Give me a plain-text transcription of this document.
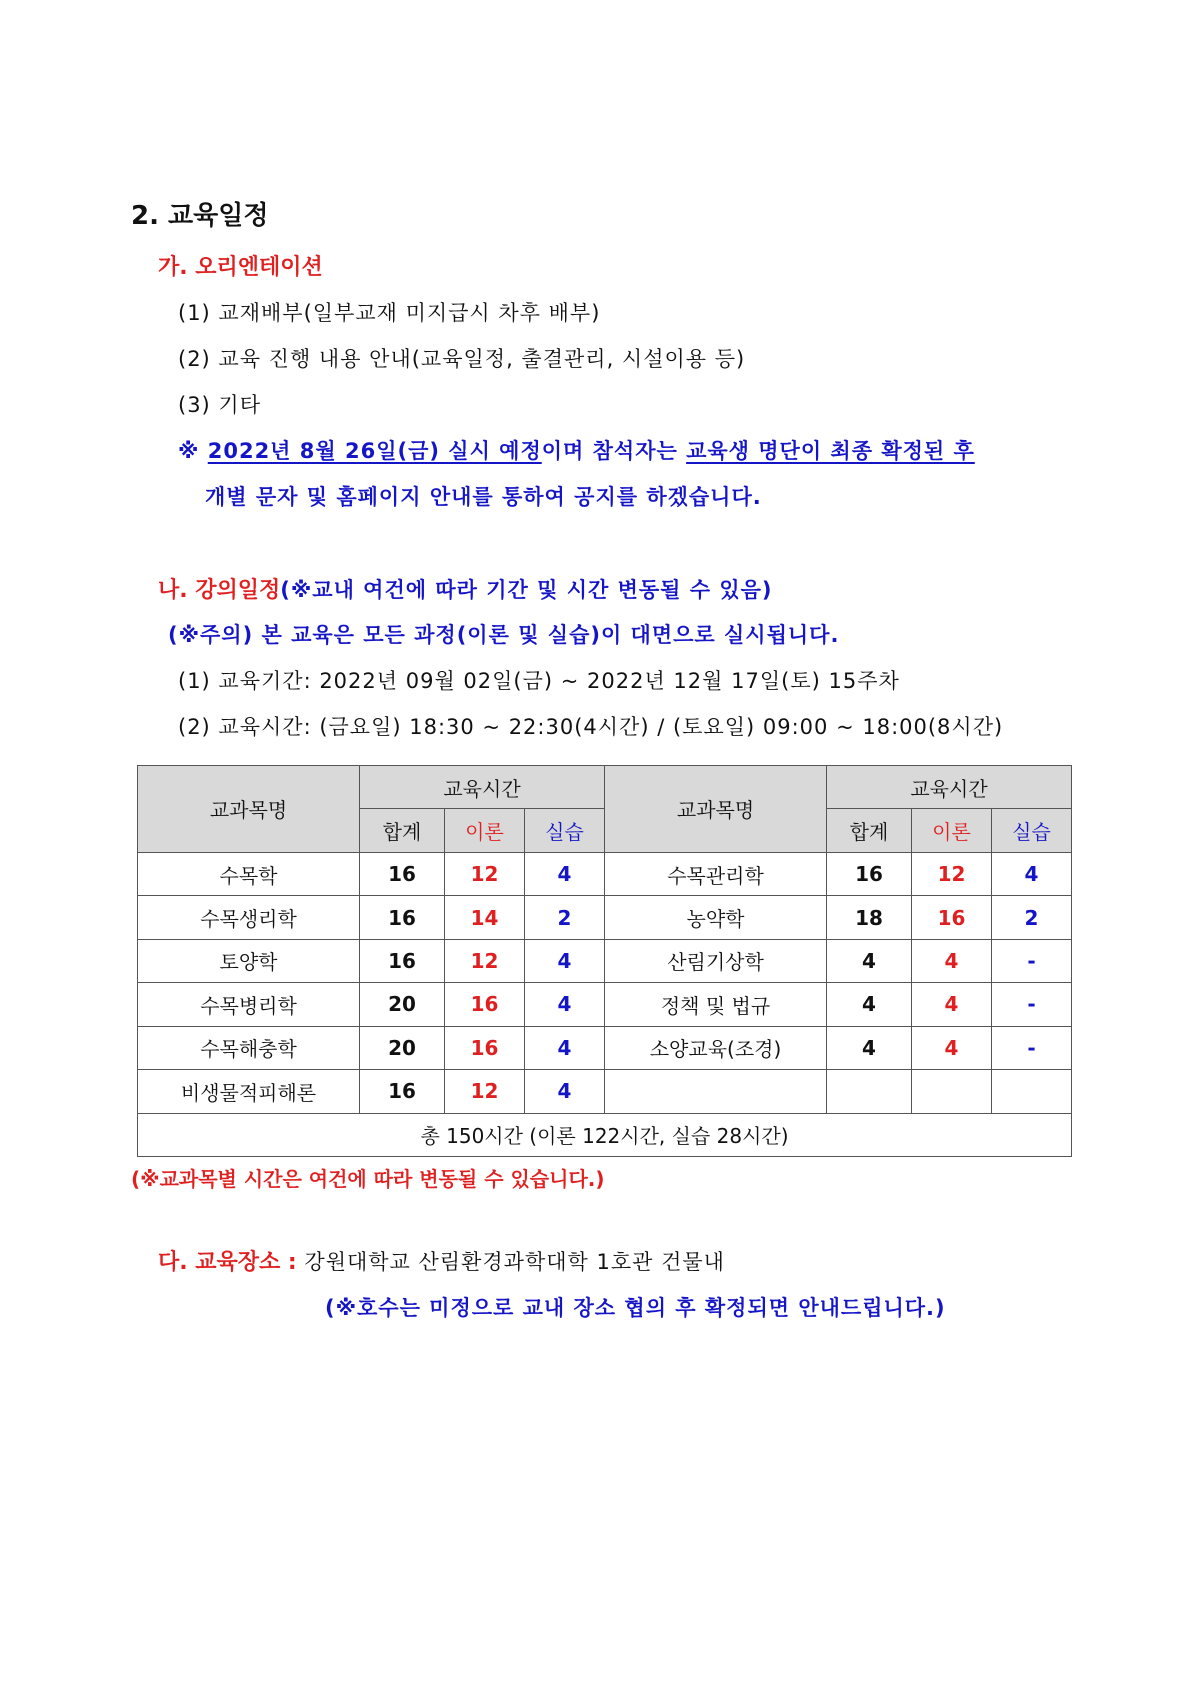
2. 교육일정
가. 오리엔테이션
(1) 교재배부(일부교재 미지급시 차후 배부)
(2) 교육 진행 내용 안내(교육일정, 출결관리, 시설이용 등)
(3) 기타
※ 2022년 8월 26일(금) 실시 예정이며 참석자는 교육생 명단이 최종 확정된 후
개별 문자 및 홈페이지 안내를 통하여 공지를 하겠습니다.
나. 강의일정(※교내 여건에 따라 기간 및 시간 변동될 수 있음)
(※주의) 본 교육은 모든 과정(이론 및 실습)이 대면으로 실시됩니다.
(1) 교육기간: 2022년 09월 02일(금) ~ 2022년 12월 17일(토) 15주차
(2) 교육시간: (금요일) 18:30 ~ 22:30(4시간) / (토요일) 09:00 ~ 18:00(8시간)
교과목명	교육시간			교과목명	교육시간		
	합계	이론	실습		합계	이론	실습
수목학	16	12	4	수목관리학	16	12	4
수목생리학	16	14	2	농약학	18	16	2
토양학	16	12	4	산림기상학	4	4	-
수목병리학	20	16	4	정책 및 법규	4	4	-
수목해충학	20	16	4	소양교육(조경)	4	4	-
비생물적피해론	16	12	4				
총 150시간 (이론 122시간, 실습 28시간)							
(※교과목별 시간은 여건에 따라 변동될 수 있습니다.)
다. 교육장소 : 강원대학교 산림환경과학대학 1호관 건물내
(※호수는 미정으로 교내 장소 협의 후 확정되면 안내드립니다.)
